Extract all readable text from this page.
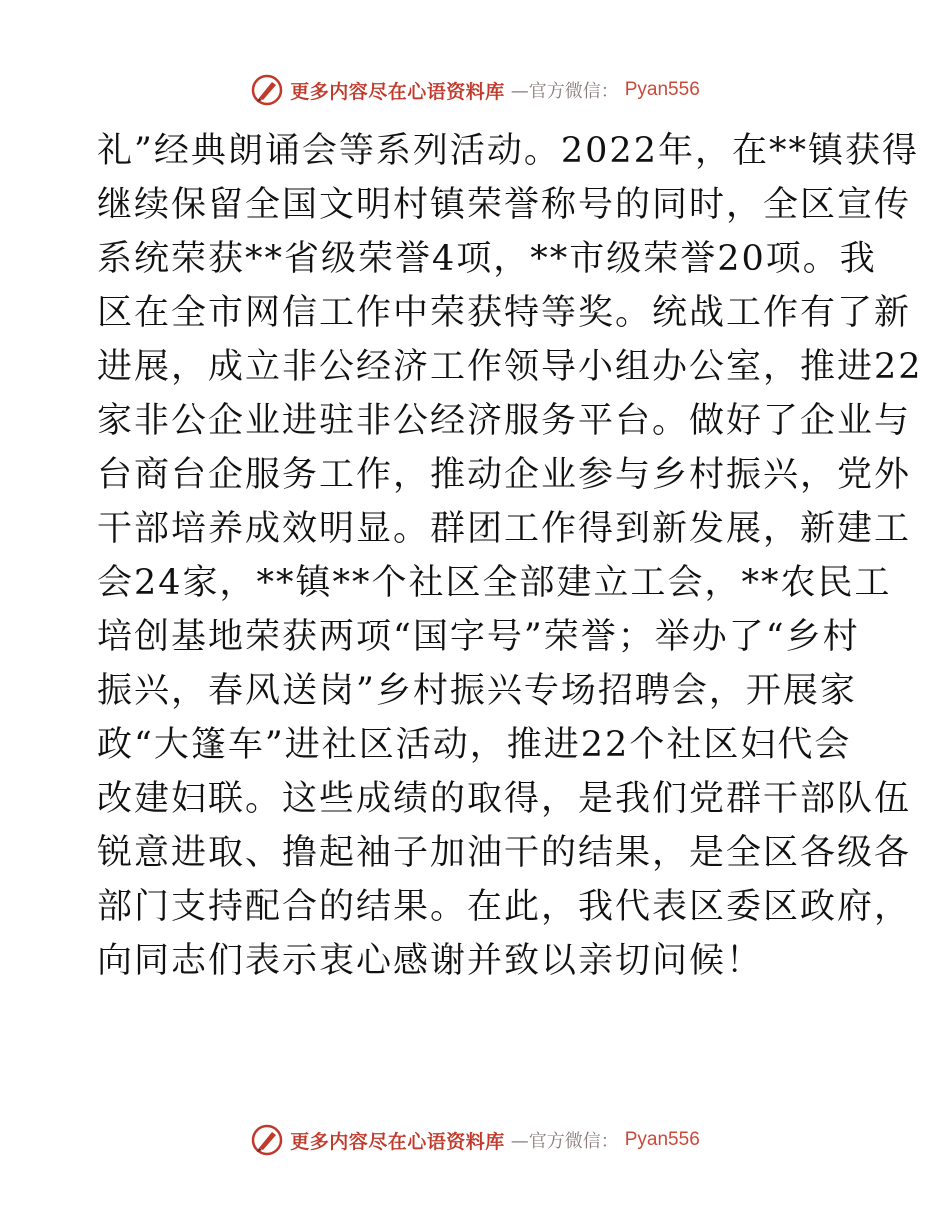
更多内容尽在心语资料库 —官方微信： Pyan556
礼”经典朗诵会等系列活动。2022年，在**镇获得
继续保留全国文明村镇荣誉称号的同时，全区宣传
系统荣获**省级荣誉4项，**市级荣誉20项。我
区在全市网信工作中荣获特等奖。统战工作有了新
进展，成立非公经济工作领导小组办公室，推进22
家非公企业进驻非公经济服务平台。做好了企业与
台商台企服务工作，推动企业参与乡村振兴，党外
干部培养成效明显。群团工作得到新发展，新建工
会24家，**镇**个社区全部建立工会，**农民工
培创基地荣获两项“国字号”荣誉；举办了“乡村
振兴，春风送岗”乡村振兴专场招聘会，开展家
政“大篷车”进社区活动，推进22个社区妇代会
改建妇联。这些成绩的取得，是我们党群干部队伍
锐意进取、撸起袖子加油干的结果，是全区各级各
部门支持配合的结果。在此，我代表区委区政府，
向同志们表示衷心感谢并致以亲切问候！
更多内容尽在心语资料库 —官方微信： Pyan556
